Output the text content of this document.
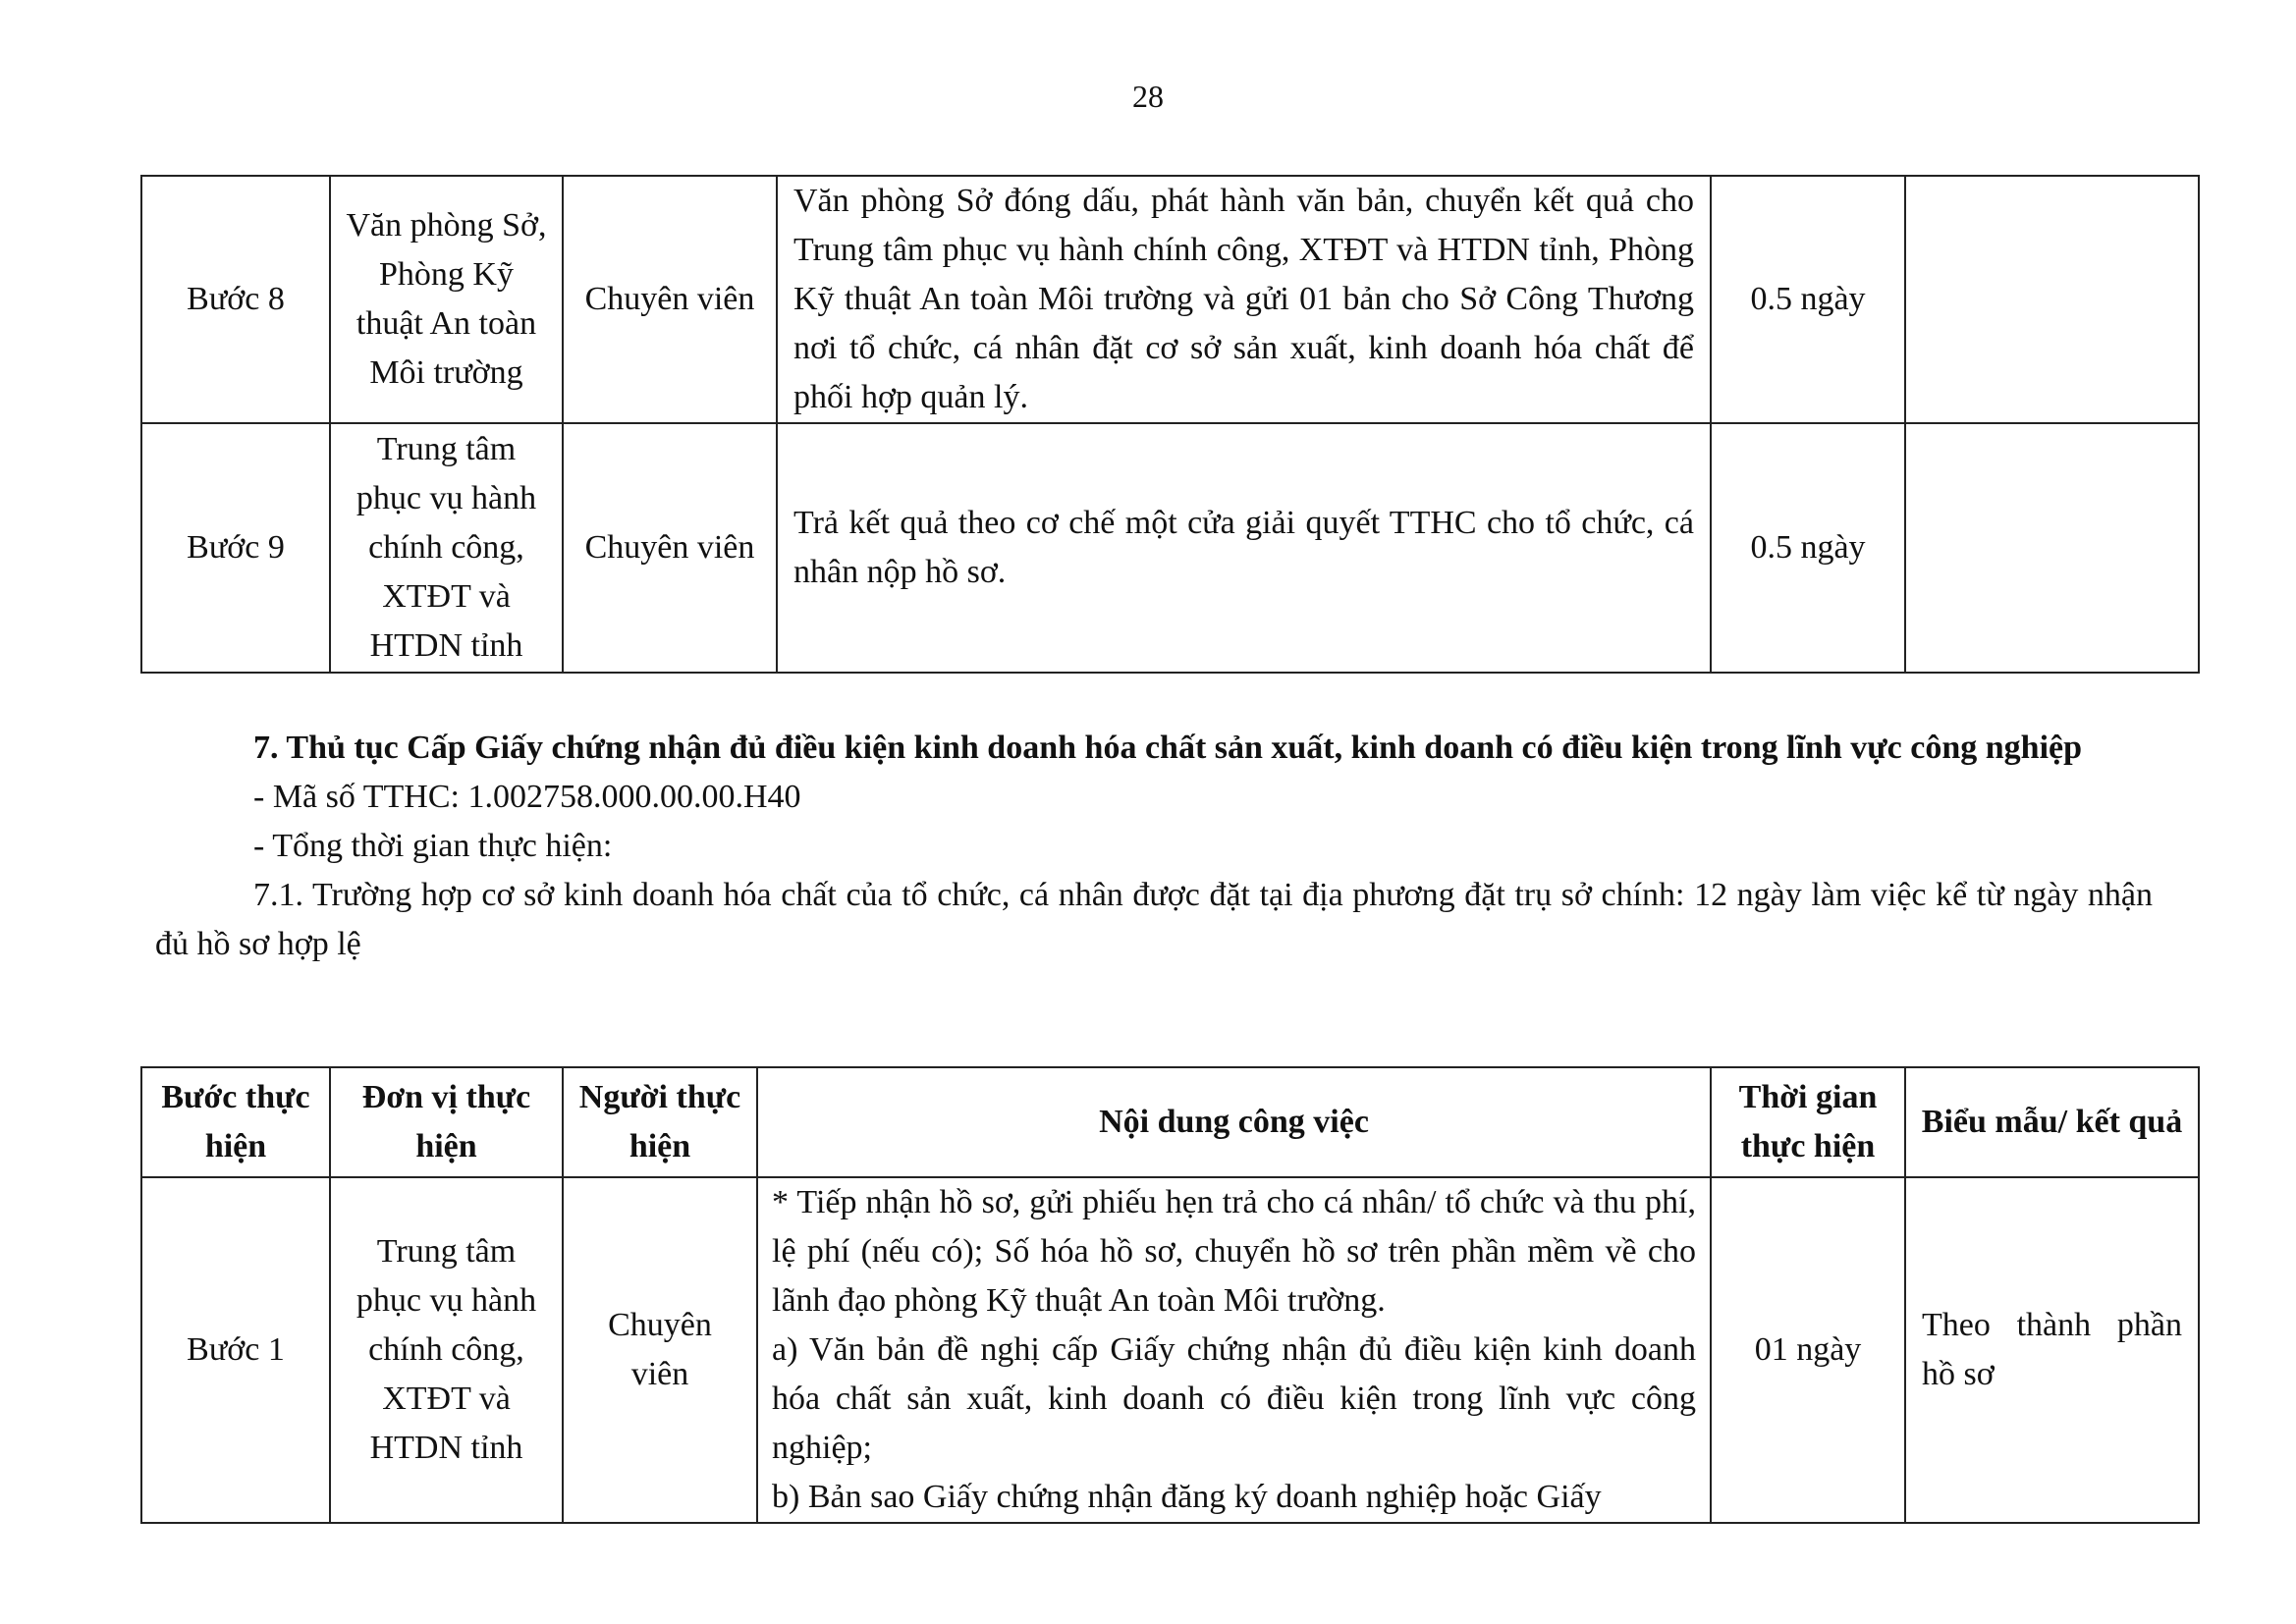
28
Bước 8	Văn phòng Sở, Phòng Kỹ thuật An toàn Môi trường	Chuyên viên	Văn phòng Sở đóng dấu, phát hành văn bản, chuyển kết quả cho Trung tâm phục vụ hành chính công, XTĐT và HTDN tỉnh, Phòng Kỹ thuật An toàn Môi trường và gửi 01 bản cho Sở Công Thương nơi tổ chức, cá nhân đặt cơ sở sản xuất, kinh doanh hóa chất để phối hợp quản lý.	0.5 ngày	
Bước 9	Trung tâm phục vụ hành chính công, XTĐT và HTDN tỉnh	Chuyên viên	Trả kết quả theo cơ chế một cửa giải quyết TTHC cho tổ chức, cá nhân nộp hồ sơ.	0.5 ngày	

7. Thủ tục Cấp Giấy chứng nhận đủ điều kiện kinh doanh hóa chất sản xuất, kinh doanh có điều kiện trong lĩnh vực công nghiệp

- Mã số TTHC: 1.002758.000.00.00.H40

- Tổng thời gian thực hiện:

7.1. Trường hợp cơ sở kinh doanh hóa chất của tổ chức, cá nhân được đặt tại địa phương đặt trụ sở chính: 12 ngày làm việc kể từ ngày nhận đủ hồ sơ hợp lệ

Bước thực hiện	Đơn vị thực hiện	Người thực hiện	Nội dung công việc	Thời gian thực hiện	Biểu mẫu/ kết quả
Bước 1	Trung tâm phục vụ hành chính công, XTĐT và HTDN tỉnh	Chuyên viên	* Tiếp nhận hồ sơ, gửi phiếu hẹn trả cho cá nhân/ tổ chức và thu phí, lệ phí (nếu có); Số hóa hồ sơ, chuyển hồ sơ trên phần mềm về cho lãnh đạo phòng Kỹ thuật An toàn Môi trường.
a) Văn bản đề nghị cấp Giấy chứng nhận đủ điều kiện kinh doanh hóa chất sản xuất, kinh doanh có điều kiện trong lĩnh vực công nghiệp;
b) Bản sao Giấy chứng nhận đăng ký doanh nghiệp hoặc Giấy	01 ngày	Theo thành phần hồ sơ
